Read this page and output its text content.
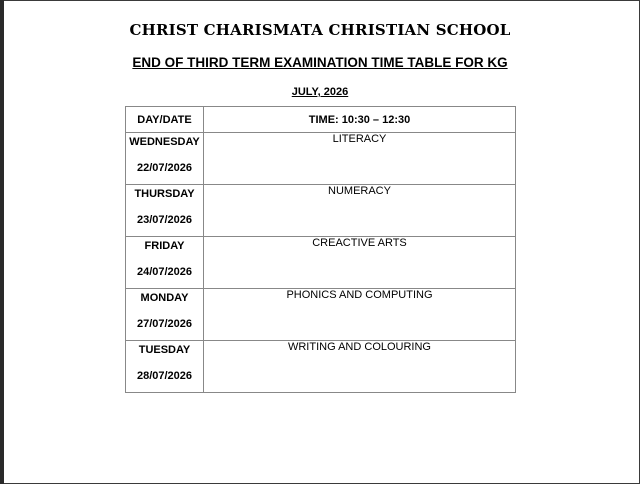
CHRIST CHARISMATA CHRISTIAN SCHOOL
END OF THIRD TERM EXAMINATION TIME TABLE FOR KG
JULY, 2026
DAY/DATE	TIME: 10:30 – 12:30

WEDNESDAY
22/07/2026	LITERACY

THURSDAY
23/07/2026	NUMERACY

FRIDAY
24/07/2026	CREACTIVE ARTS

MONDAY
27/07/2026	PHONICS AND COMPUTING

TUESDAY
28/07/2026	WRITING AND COLOURING
